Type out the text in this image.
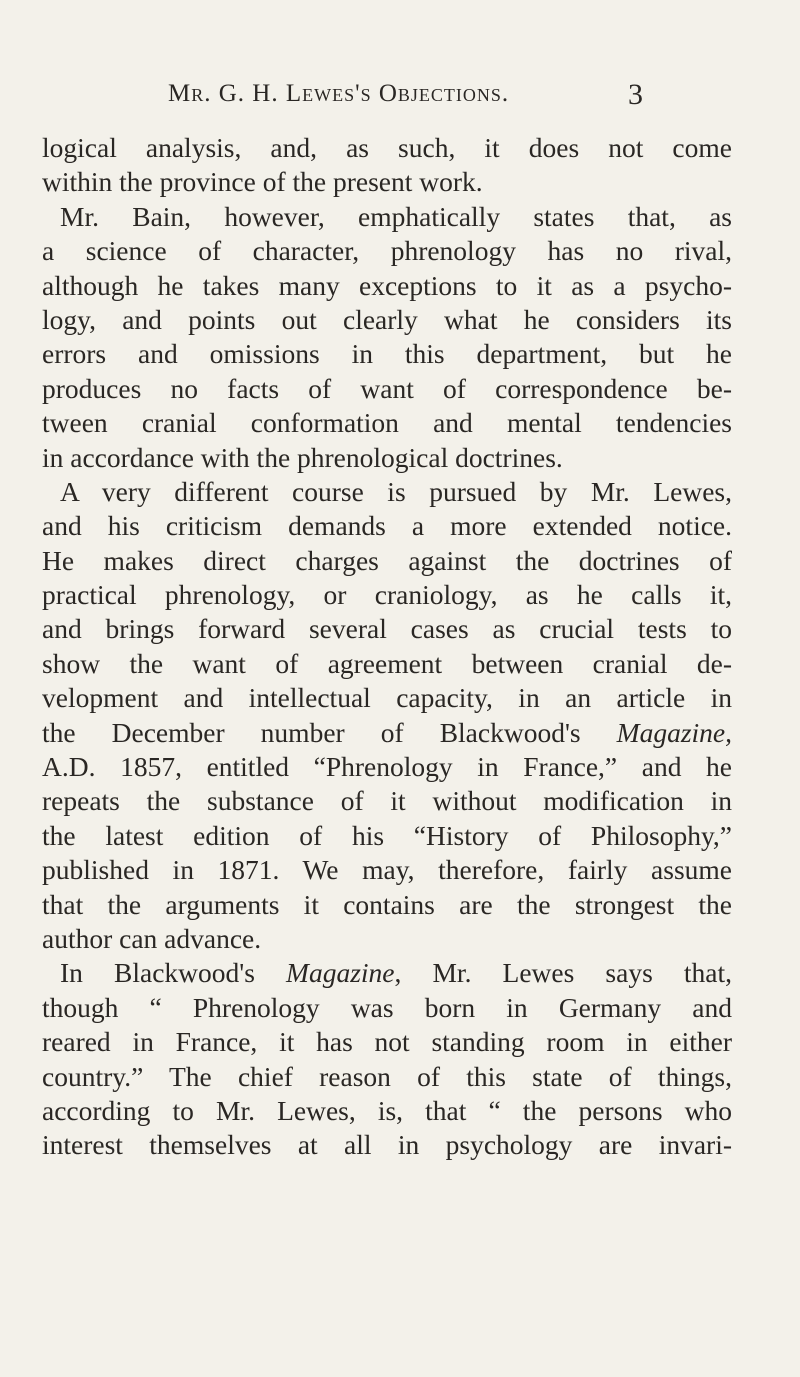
Mr. G. H. Lewes's Objections.	3
logical analysis, and, as such, it does not come
within the province of the present work.
Mr. Bain, however, emphatically states that, as
a science of character, phrenology has no rival,
although he takes many exceptions to it as a psycho-
logy, and points out clearly what he considers its
errors and omissions in this department, but he
produces no facts of want of correspondence be-
tween cranial conformation and mental tendencies
in accordance with the phrenological doctrines.
A very different course is pursued by Mr. Lewes,
and his criticism demands a more extended notice.
He makes direct charges against the doctrines of
practical phrenology, or craniology, as he calls it,
and brings forward several cases as crucial tests to
show the want of agreement between cranial de-
velopment and intellectual capacity, in an article in
the December number of Blackwood's Magazine,
A.D. 1857, entitled “Phrenology in France,” and he
repeats the substance of it without modification in
the latest edition of his “History of Philosophy,”
published in 1871. We may, therefore, fairly assume
that the arguments it contains are the strongest the
author can advance.
In Blackwood's Magazine, Mr. Lewes says that,
though “ Phrenology was born in Germany and
reared in France, it has not standing room in either
country.” The chief reason of this state of things,
according to Mr. Lewes, is, that “ the persons who
interest themselves at all in psychology are invari-
